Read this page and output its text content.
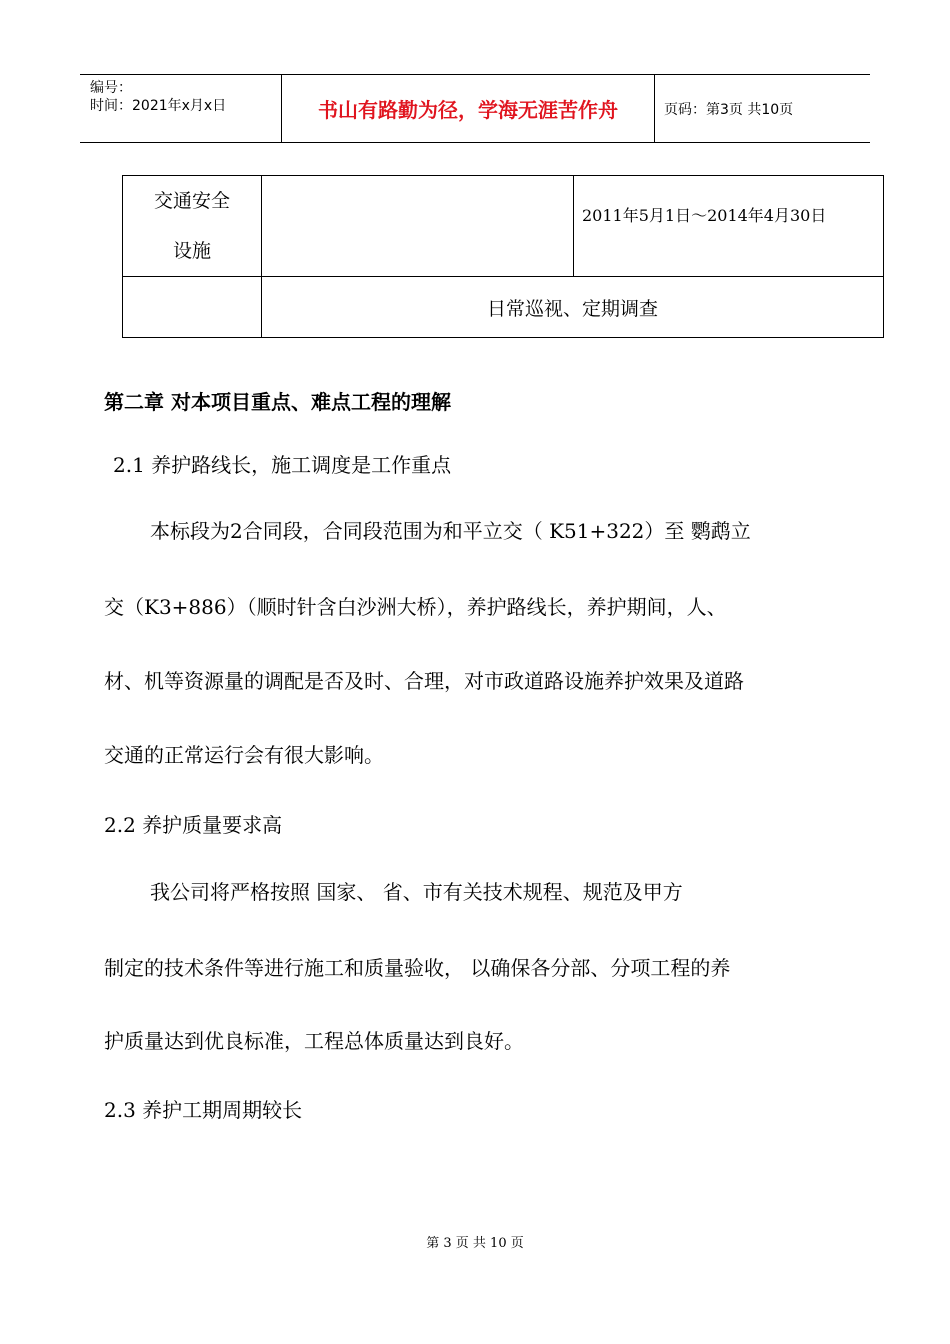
编号：
时间：2021年x月x日	书山有路勤为径，学海无涯苦作舟	页码：第3页 共10页
交通安全
设施		2011年5月1日～2014年4月30日

	日常巡视、定期调查	
第二章 对本项目重点、难点工程的理解
2.1 养护路线长，施工调度是工作重点
本标段为2合同段，合同段范围为和平立交（ K51+322）至 鹦鹉立
交（K3+886）（顺时针含白沙洲大桥），养护路线长，养护期间，人、
材、机等资源量的调配是否及时、合理，对市政道路设施养护效果及道路
交通的正常运行会有很大影响。
2.2 养护质量要求高
我公司将严格按照 国家、 省、市有关技术规程、规范及甲方
制定的技术条件等进行施工和质量验收， 以确保各分部、分项工程的养
护质量达到优良标准，工程总体质量达到良好。
2.3 养护工期周期较长
第 3 页 共 10 页
